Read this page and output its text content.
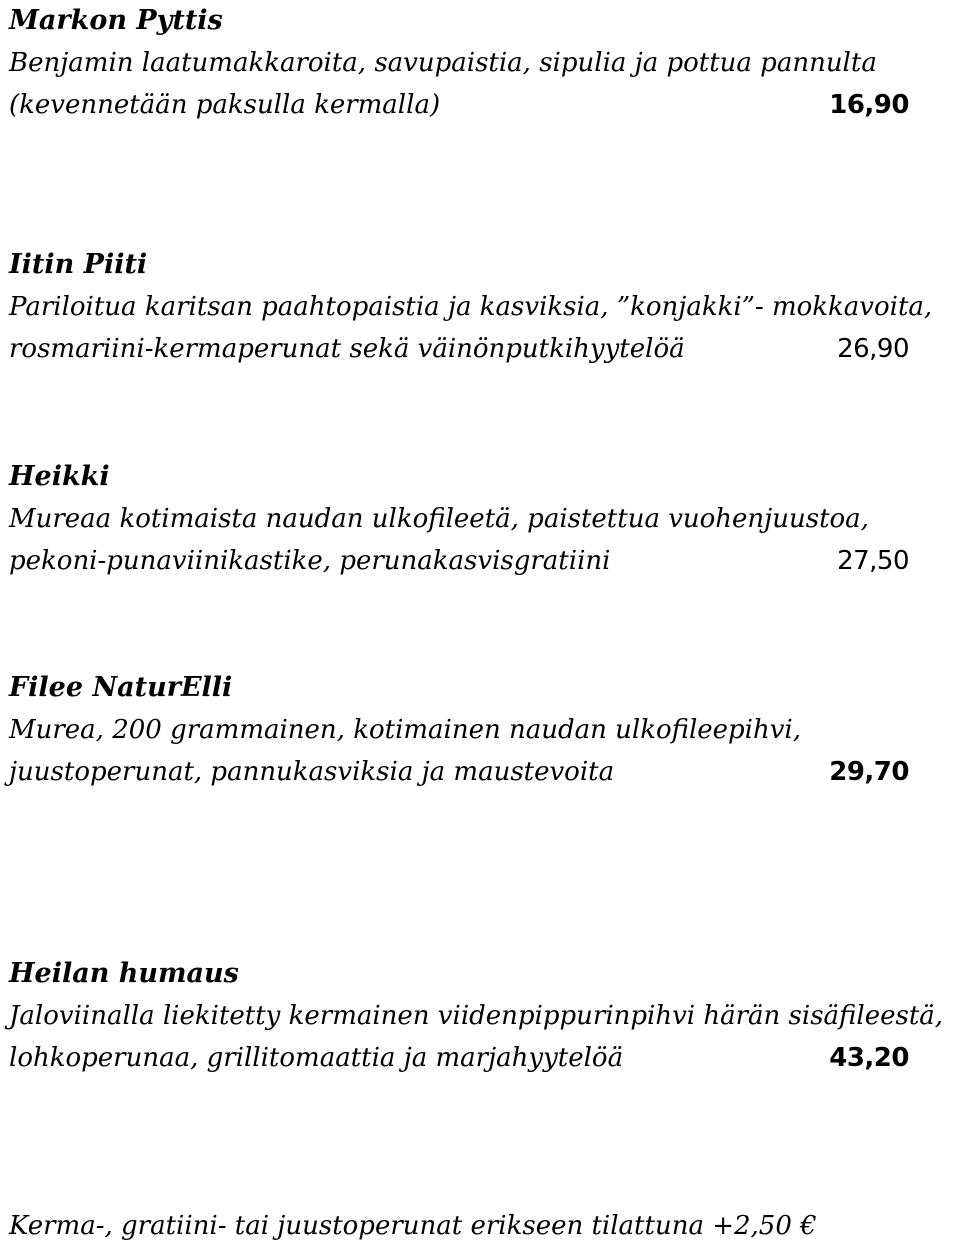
Markon Pyttis
Benjamin laatumakkaroita, savupaistia, sipulia ja pottua pannulta
(kevennetään paksulla kermalla)	16,90
Iitin Piiti
Pariloitua karitsan paahtopaistia ja kasviksia, ”konjakki”- mokkavoita,
rosmariini-kermaperunat sekä väinönputkihyytelöä	26,90
Heikki
Mureaa kotimaista naudan ulkofileetä, paistettua vuohenjuustoa,
pekoni-punaviinikastike, perunakasvisgratiini	27,50
Filee NaturElli
Murea, 200 grammainen, kotimainen naudan ulkofileepihvi,
juustoperunat, pannukasviksia ja maustevoita	29,70
Heilan humaus
Jaloviinalla liekitetty kermainen viidenpippurinpihvi härän sisäfileestä,
lohkoperunaa, grillitomaattia ja marjahyytelöä	43,20
Kerma-, gratiini- tai juustoperunat erikseen tilattuna +2,50 €
